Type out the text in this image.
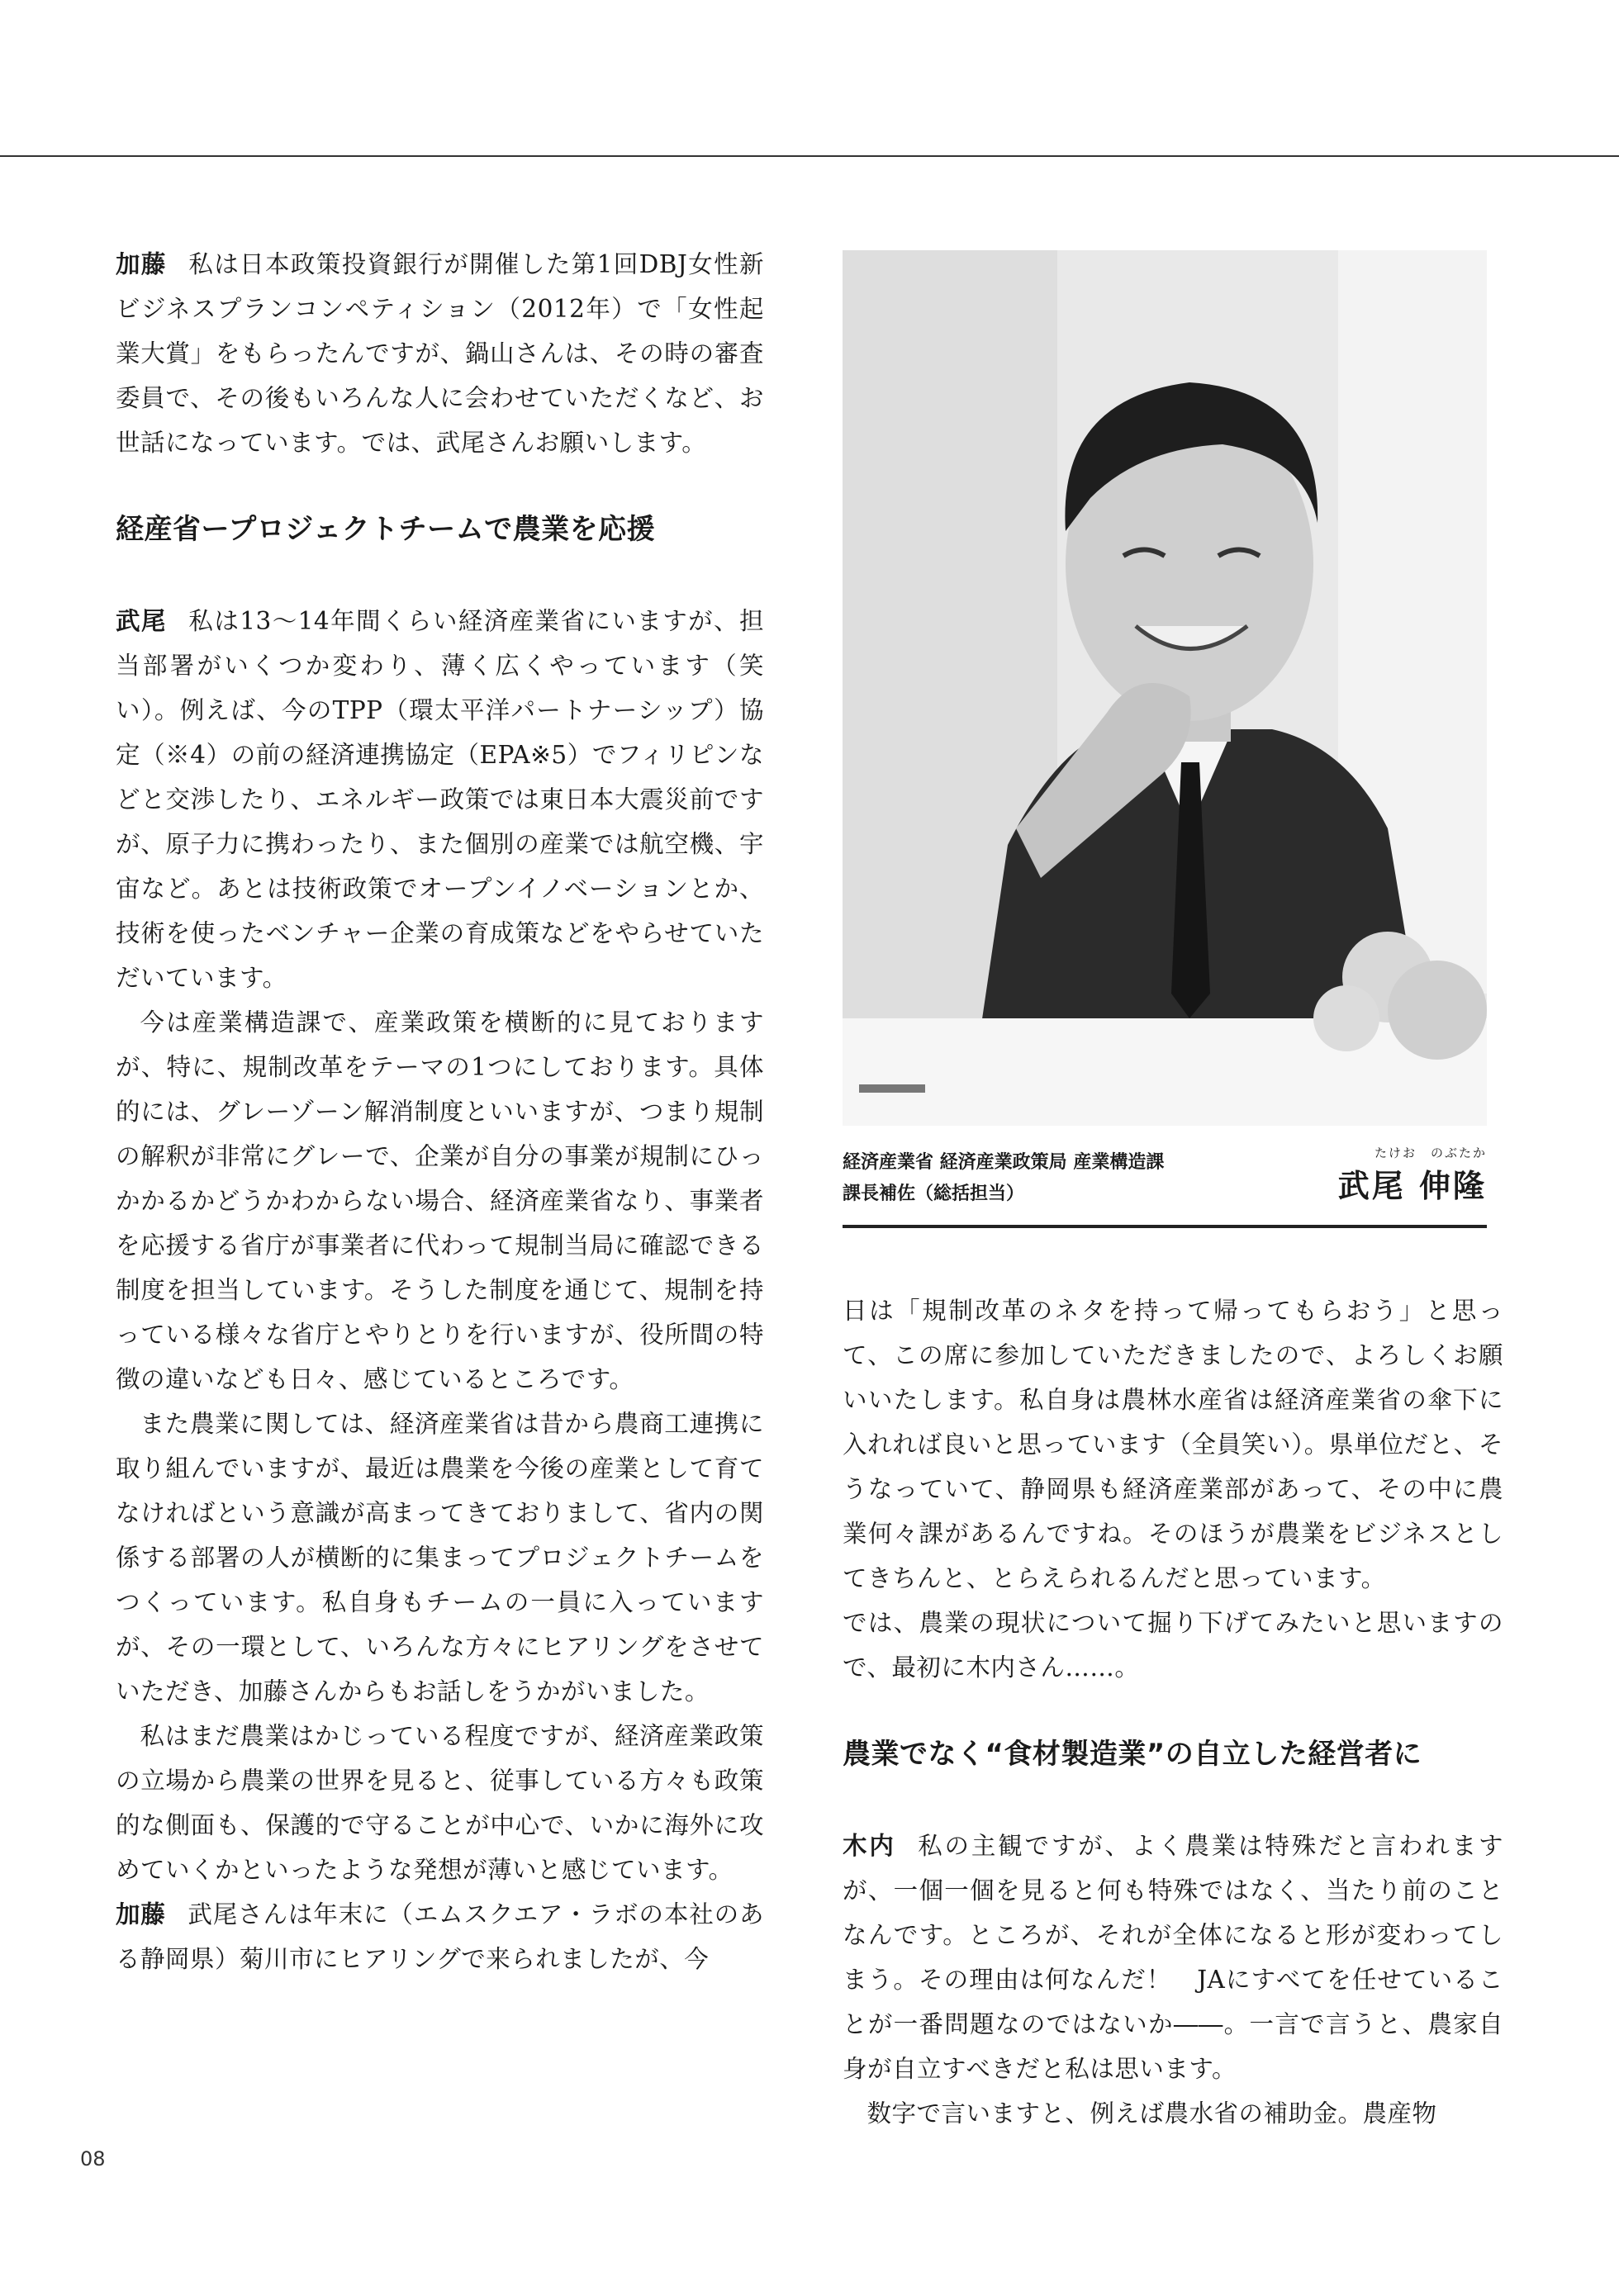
加藤 私は日本政策投資銀行が開催した第1回DBJ女性新ビジネスプランコンペティション（2012年）で「女性起業大賞」をもらったんですが、鍋山さんは、その時の審査委員で、その後もいろんな人に会わせていただくなど、お世話になっています。では、武尾さんお願いします。

経産省ープロジェクトチームで農業を応援

武尾 私は13～14年間くらい経済産業省にいますが、担当部署がいくつか変わり、薄く広くやっています（笑い）。例えば、今のTPP（環太平洋パートナーシップ）協定（※4）の前の経済連携協定（EPA※5）でフィリピンなどと交渉したり、エネルギー政策では東日本大震災前ですが、原子力に携わったり、また個別の産業では航空機、宇宙など。あとは技術政策でオープンイノベーションとか、技術を使ったベンチャー企業の育成策などをやらせていただいています。

今は産業構造課で、産業政策を横断的に見ておりますが、特に、規制改革をテーマの1つにしております。具体的には、グレーゾーン解消制度といいますが、つまり規制の解釈が非常にグレーで、企業が自分の事業が規制にひっかかるかどうかわからない場合、経済産業省なり、事業者を応援する省庁が事業者に代わって規制当局に確認できる制度を担当しています。そうした制度を通じて、規制を持っている様々な省庁とやりとりを行いますが、役所間の特徴の違いなども日々、感じているところです。

また農業に関しては、経済産業省は昔から農商工連携に取り組んでいますが、最近は農業を今後の産業として育てなければという意識が高まってきておりまして、省内の関係する部署の人が横断的に集まってプロジェクトチームをつくっています。私自身もチームの一員に入っていますが、その一環として、いろんな方々にヒアリングをさせていただき、加藤さんからもお話しをうかがいました。

私はまだ農業はかじっている程度ですが、経済産業政策の立場から農業の世界を見ると、従事している方々も政策的な側面も、保護的で守ることが中心で、いかに海外に攻めていくかといったような発想が薄いと感じています。

加藤 武尾さんは年末に（エムスクエア・ラボの本社のある静岡県）菊川市にヒアリングで来られましたが、今

経済産業省 経済産業政策局 産業構造課
課長補佐（総括担当）
たけお　のぶたか
武尾 伸隆

日は「規制改革のネタを持って帰ってもらおう」と思って、この席に参加していただきましたので、よろしくお願いいたします。私自身は農林水産省は経済産業省の傘下に入れれば良いと思っています（全員笑い）。県単位だと、そうなっていて、静岡県も経済産業部があって、その中に農業何々課があるんですね。そのほうが農業をビジネスとしてきちんと、とらえられるんだと思っています。

では、農業の現状について掘り下げてみたいと思いますので、最初に木内さん……。

農業でなく“食材製造業”の自立した経営者に

木内 私の主観ですが、よく農業は特殊だと言われますが、一個一個を見ると何も特殊ではなく、当たり前のことなんです。ところが、それが全体になると形が変わってしまう。その理由は何なんだ！　JAにすべてを任せていることが一番問題なのではないか――。一言で言うと、農家自身が自立すべきだと私は思います。

数字で言いますと、例えば農水省の補助金。農産物

08
